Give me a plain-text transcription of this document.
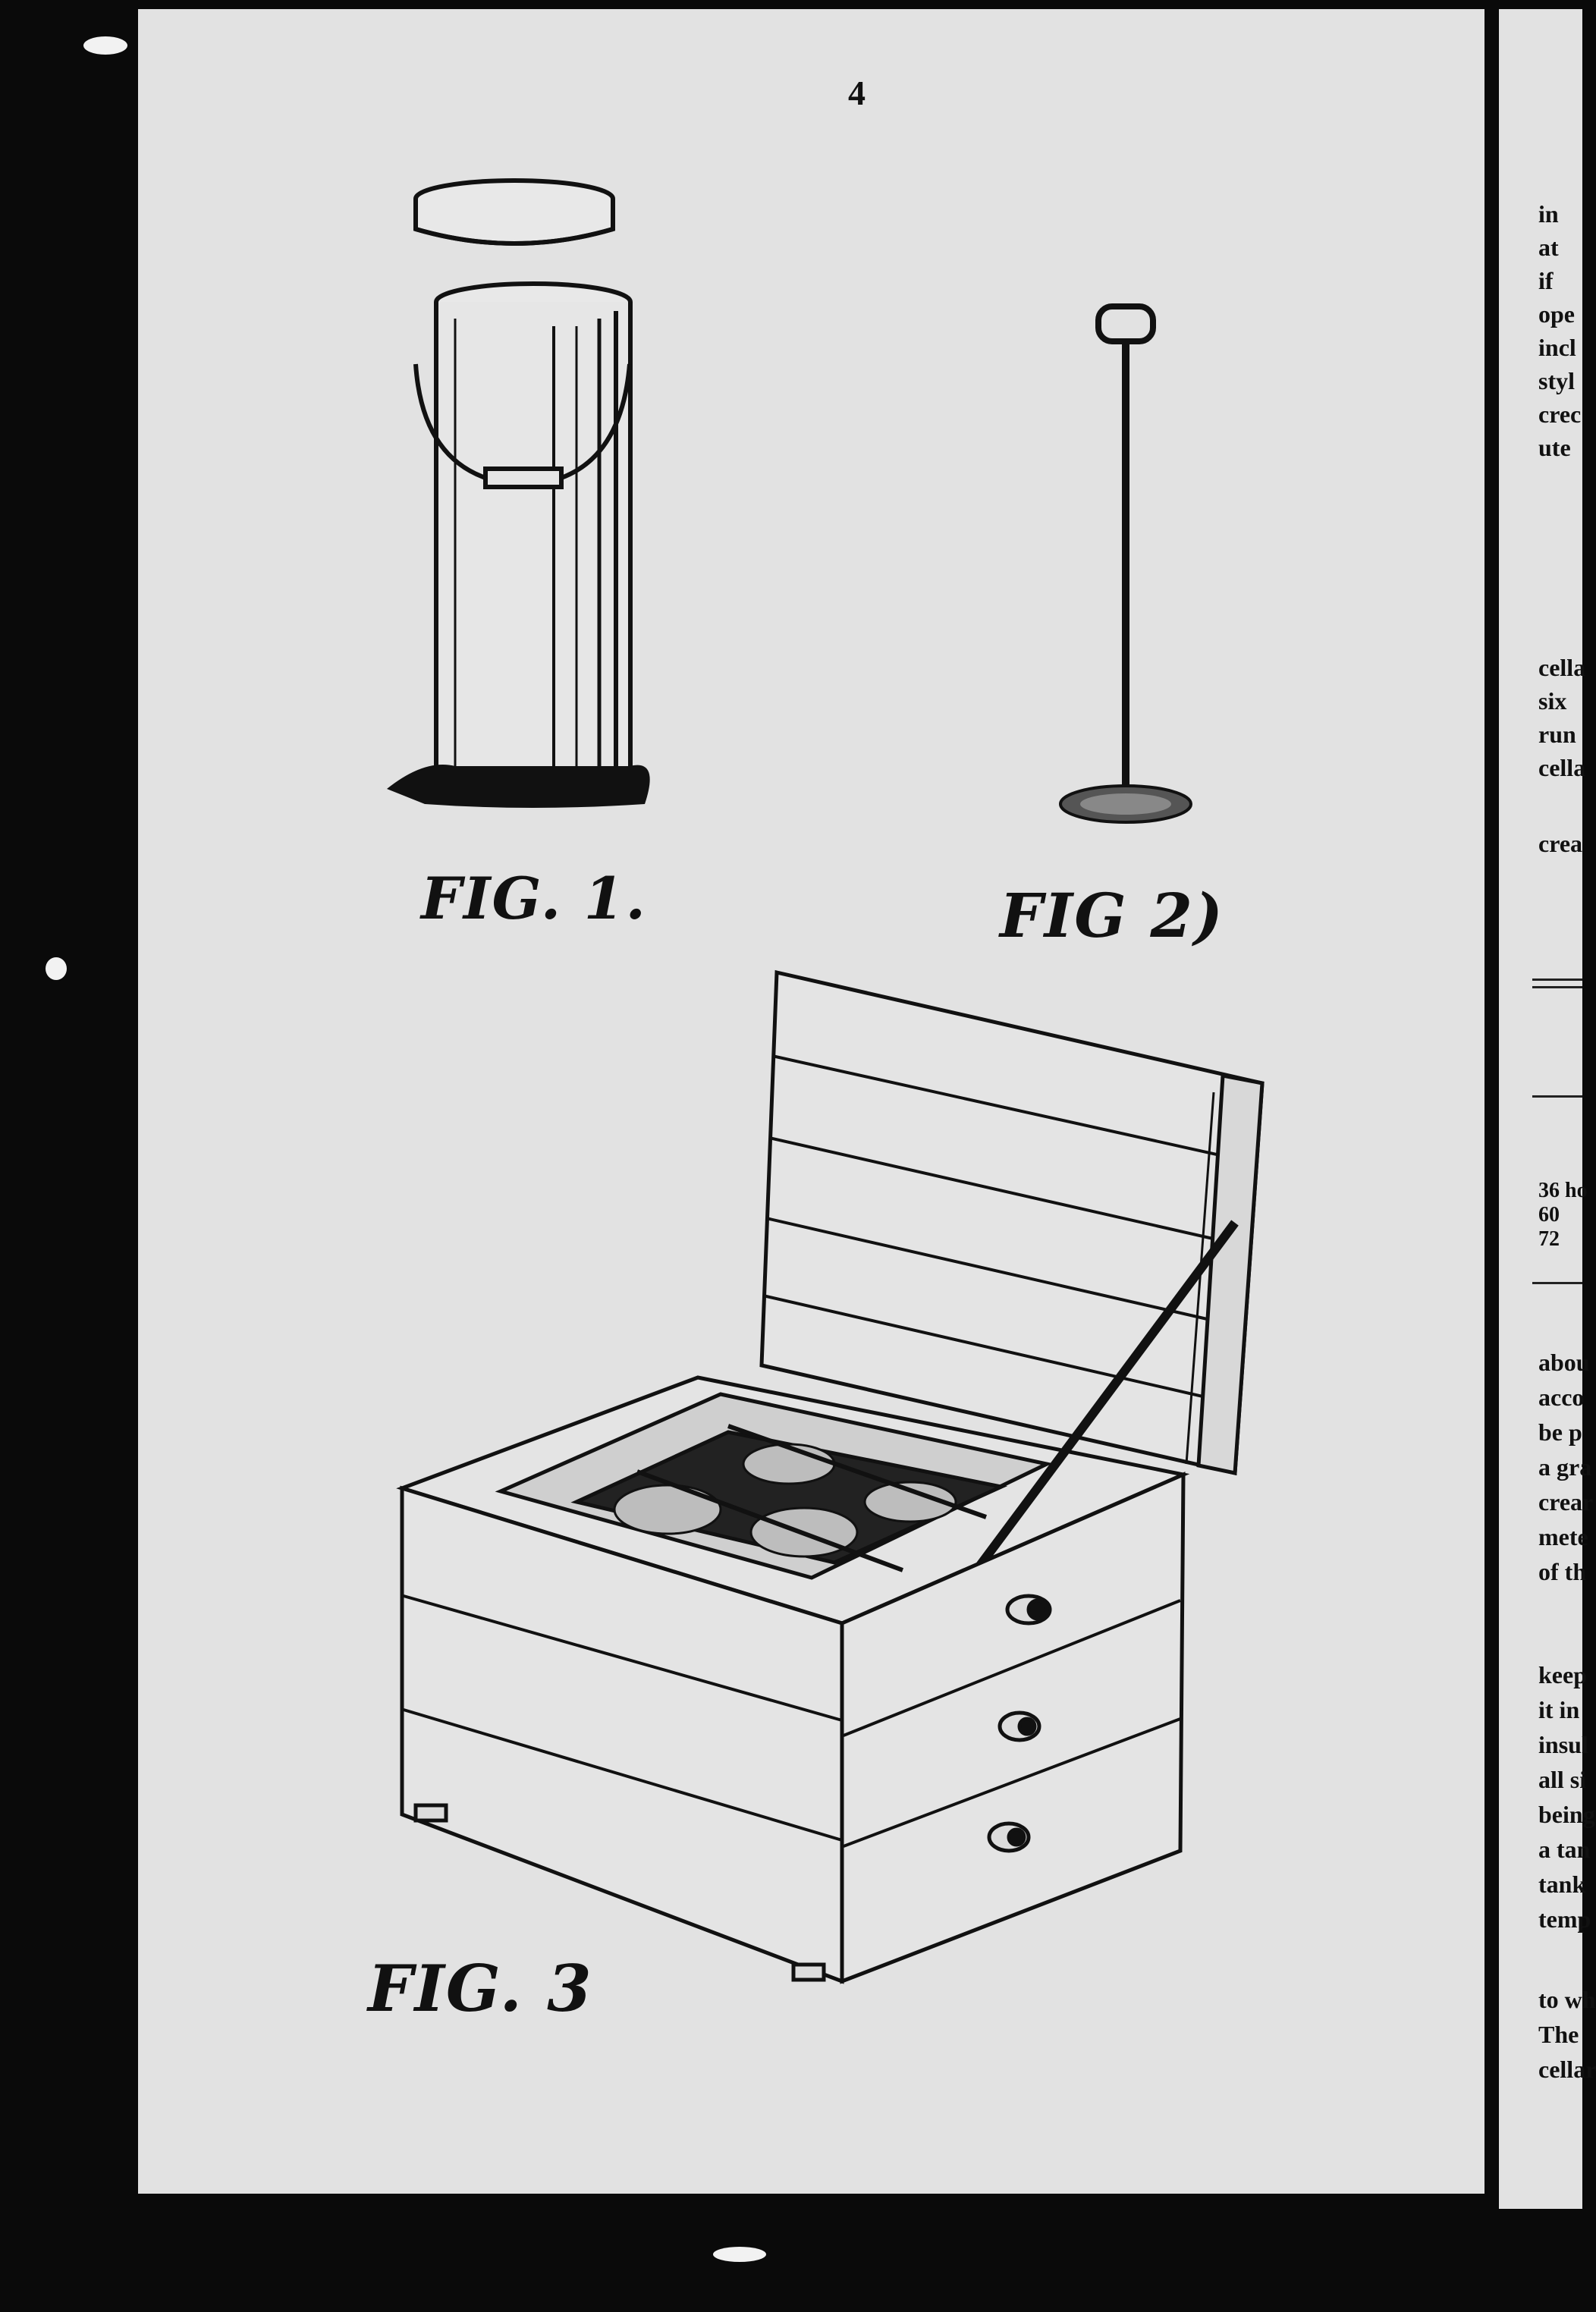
4
FIG. 1.	FIG 2)
FIG. 3
in
at
if
ope
incl
styl
crec
ute
cella
six
run
cella
crea
36 ho
60
72
abou
acco
be p
a gra
crear
mete
of th
keep
it in
insul
all si
being
a tan
tank
temp
to wh
The
cellar
